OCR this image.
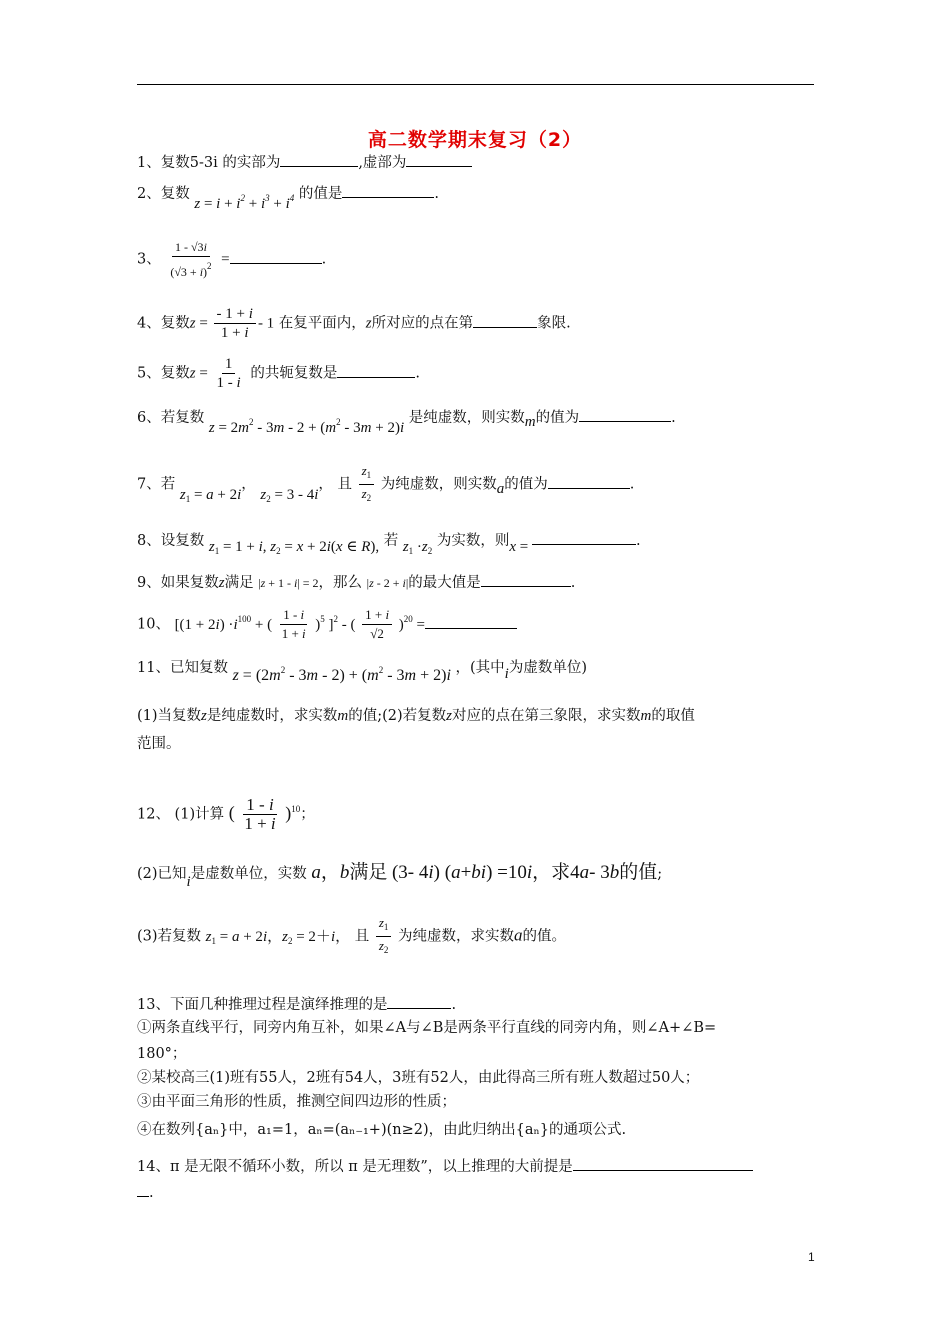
高二数学期末复习（2）
1、复数5-3i 的实部为	,虚部为
2、复数 $z = i + i^2 + i^3 + i^4$ 的值是	.
3、 $\frac{1 - √3i}{(√3 + i)^2}$ =	.
4、复数$z = \frac{- 1 + i}{1 + i} - 1$ 在复平面内，z所对应的点在第	象限.
5、复数$z = \frac{1}{1 - i}$ 的共轭复数是	.
6、若复数 $z = 2m^2 - 3m - 2 + (m^2 - 3m + 2)i$ 是纯虚数，则实数m的值为	.
7、若 $z_1 = a + 2i$， $z_2 = 3 - 4i$， 且 $\frac{z_1}{z_2}$ 为纯虚数，则实数a的值为	.
8、设复数 $z_1 = 1 + i$, $z_2 = x + 2i(x$ ∈ R), 若 $z_1 \cdot z_2$ 为实数，则x =	.
9、如果复数z满足 |z + 1 - i| = 2，那么 |z - 2 + i|的最大值是	.
10、 [$(1 + 2i) \cdot i^{100}$ + ( $\frac{1 - i}{1 + i} )^5$ ]$^2$ - ( $\frac{1 + i}{√2} )^{20}$ =
11、已知复数 $z = (2m^2 - 3m - 2) + (m^2 - 3m + 2)i$ ，(其中i为虚数单位)
(1)当复数z是纯虚数时，求实数m的值;(2)若复数z对应的点在第三象限，求实数m的取值
范围。
12、 (1)计算 ( $\frac{1 - i}{1 + i} )^{10}$；
(2)已知i是虚数单位，实数 a，b满足 (3- 4i) (a+bi) =10i，求4a- 3b的值;
(3)若复数 $z_1 = a + 2i$，$z_2 = 2+i$， 且 $\frac{z_1}{z_2}$ 为纯虚数，求实数a的值。
13、下面几种推理过程是演绎推理的是	.
①两条直线平行，同旁内角互补，如果∠A与∠B是两条平行直线的同旁内角，则∠A+∠B=
180°；
②某校高三(1)班有55人，2班有54人，3班有52人，由此得高三所有班人数超过50人；
③由平面三角形的性质，推测空间四边形的性质；
④在数列{aₙ}中，a₁=1，aₙ=(aₙ₋₁+)(n≥2)，由此归纳出{aₙ}的通项公式.
14、π 是无限不循环小数，所以 π 是无理数”，以上推理的大前提是
.
1
